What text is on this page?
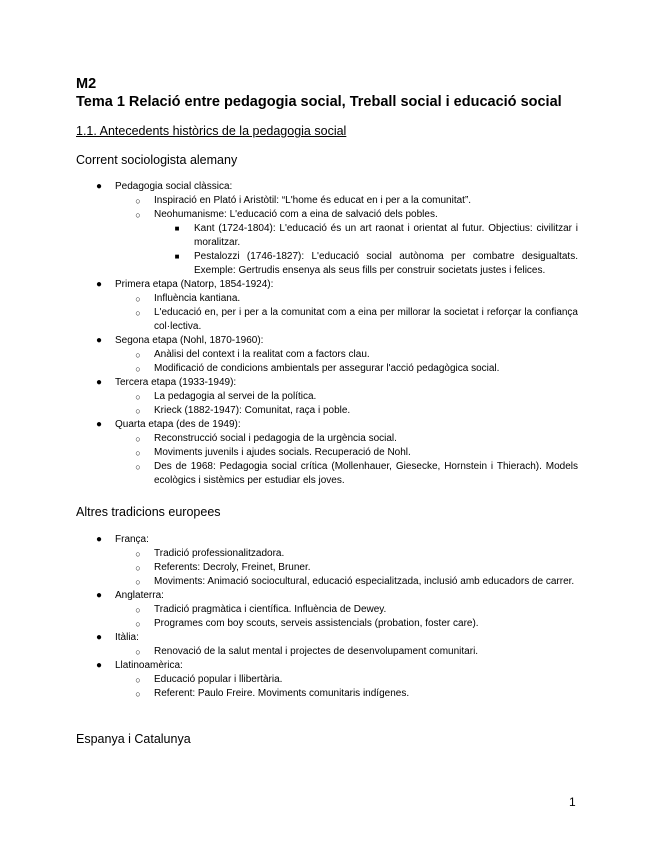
M2
Tema 1 Relació entre pedagogia social, Treball social i educació social
1.1. Antecedents històrics de la pedagogia social
Corrent sociologista alemany
● Pedagogia social clàssica:
○ Inspiració en Plató i Aristòtil: “L'home és educat en i per a la comunitat”.
○ Neohumanisme: L'educació com a eina de salvació dels pobles.
■ Kant (1724-1804): L'educació és un art raonat i orientat al futur. Objectius: civilitzar i moralitzar.
■ Pestalozzi (1746-1827): L'educació social autònoma per combatre desigualtats. Exemple: Gertrudis ensenya als seus fills per construir societats justes i felices.
● Primera etapa (Natorp, 1854-1924):
○ Influència kantiana.
○ L'educació en, per i per a la comunitat com a eina per millorar la societat i reforçar la confiança col·lectiva.
● Segona etapa (Nohl, 1870-1960):
○ Anàlisi del context i la realitat com a factors clau.
○ Modificació de condicions ambientals per assegurar l'acció pedagògica social.
● Tercera etapa (1933-1949):
○ La pedagogia al servei de la política.
○ Krieck (1882-1947): Comunitat, raça i poble.
● Quarta etapa (des de 1949):
○ Reconstrucció social i pedagogia de la urgència social.
○ Moviments juvenils i ajudes socials. Recuperació de Nohl.
○ Des de 1968: Pedagogia social crítica (Mollenhauer, Giesecke, Hornstein i Thierach). Models ecològics i sistèmics per estudiar els joves.
Altres tradicions europees
● França:
○ Tradició professionalitzadora.
○ Referents: Decroly, Freinet, Bruner.
○ Moviments: Animació sociocultural, educació especialitzada, inclusió amb educadors de carrer.
● Anglaterra:
○ Tradició pragmàtica i científica. Influència de Dewey.
○ Programes com boy scouts, serveis assistencials (probation, foster care).
● Itàlia:
○ Renovació de la salut mental i projectes de desenvolupament comunitari.
● Llatinoamèrica:
○ Educació popular i llibertària.
○ Referent: Paulo Freire. Moviments comunitaris indígenes.
Espanya i Catalunya
1
